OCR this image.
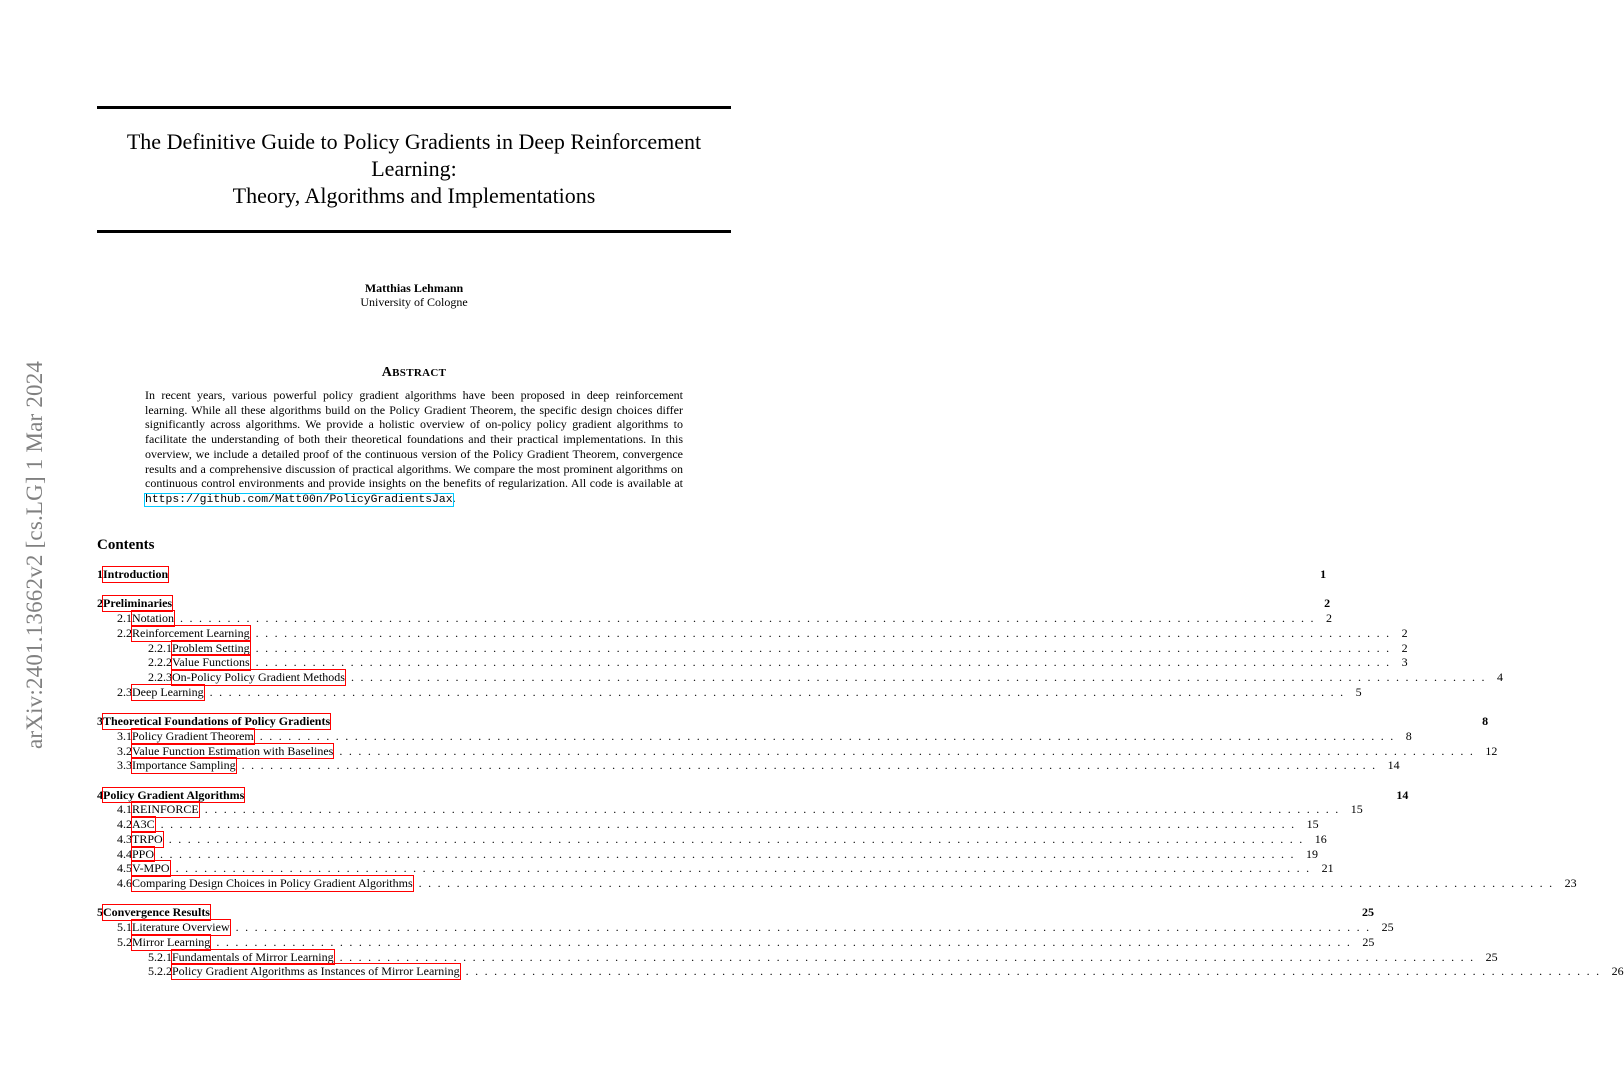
arXiv:2401.13662v2 [cs.LG] 1 Mar 2024
The Definitive Guide to Policy Gradients in Deep Reinforcement
Learning:
Theory, Algorithms and Implementations
Matthias Lehmann
University of Cologne
ABSTRACT
In recent years, various powerful policy gradient algorithms have been proposed in deep reinforcement learning. While all these algorithms build on the Policy Gradient Theorem, the specific design choices differ significantly across algorithms. We provide a holistic overview of on-policy policy gradient algorithms to facilitate the understanding of both their theoretical foundations and their practical implementations. In this overview, we include a detailed proof of the continuous version of the Policy Gradient Theorem, convergence results and a comprehensive discussion of practical algorithms. We compare the most prominent algorithms on continuous control environments and provide insights on the benefits of regularization. All code is available at https://github.com/Matt00n/PolicyGradientsJax.
Contents
1 Introduction	1
2 Preliminaries	2
2.1 Notation ........................................................................................................................ 2
2.2 Reinforcement Learning ........................................................................................................................ 2
2.2.1 Problem Setting ........................................................................................................................ 2
2.2.2 Value Functions ........................................................................................................................ 3
2.2.3 On-Policy Policy Gradient Methods ........................................................................................................................ 4
2.3 Deep Learning ........................................................................................................................ 5
3 Theoretical Foundations of Policy Gradients	8
3.1 Policy Gradient Theorem ........................................................................................................................ 8
3.2 Value Function Estimation with Baselines ........................................................................................................................ 12
3.3 Importance Sampling ........................................................................................................................ 14
4 Policy Gradient Algorithms	14
4.1 REINFORCE ........................................................................................................................ 15
4.2 A3C ........................................................................................................................ 15
4.3 TRPO ........................................................................................................................ 16
4.4 PPO ........................................................................................................................ 19
4.5 V-MPO ........................................................................................................................ 21
4.6 Comparing Design Choices in Policy Gradient Algorithms ........................................................................................................................ 23
5 Convergence Results	25
5.1 Literature Overview ........................................................................................................................ 25
5.2 Mirror Learning ........................................................................................................................ 25
5.2.1 Fundamentals of Mirror Learning ........................................................................................................................ 25
5.2.2 Policy Gradient Algorithms as Instances of Mirror Learning ........................................................................................................................ 26
